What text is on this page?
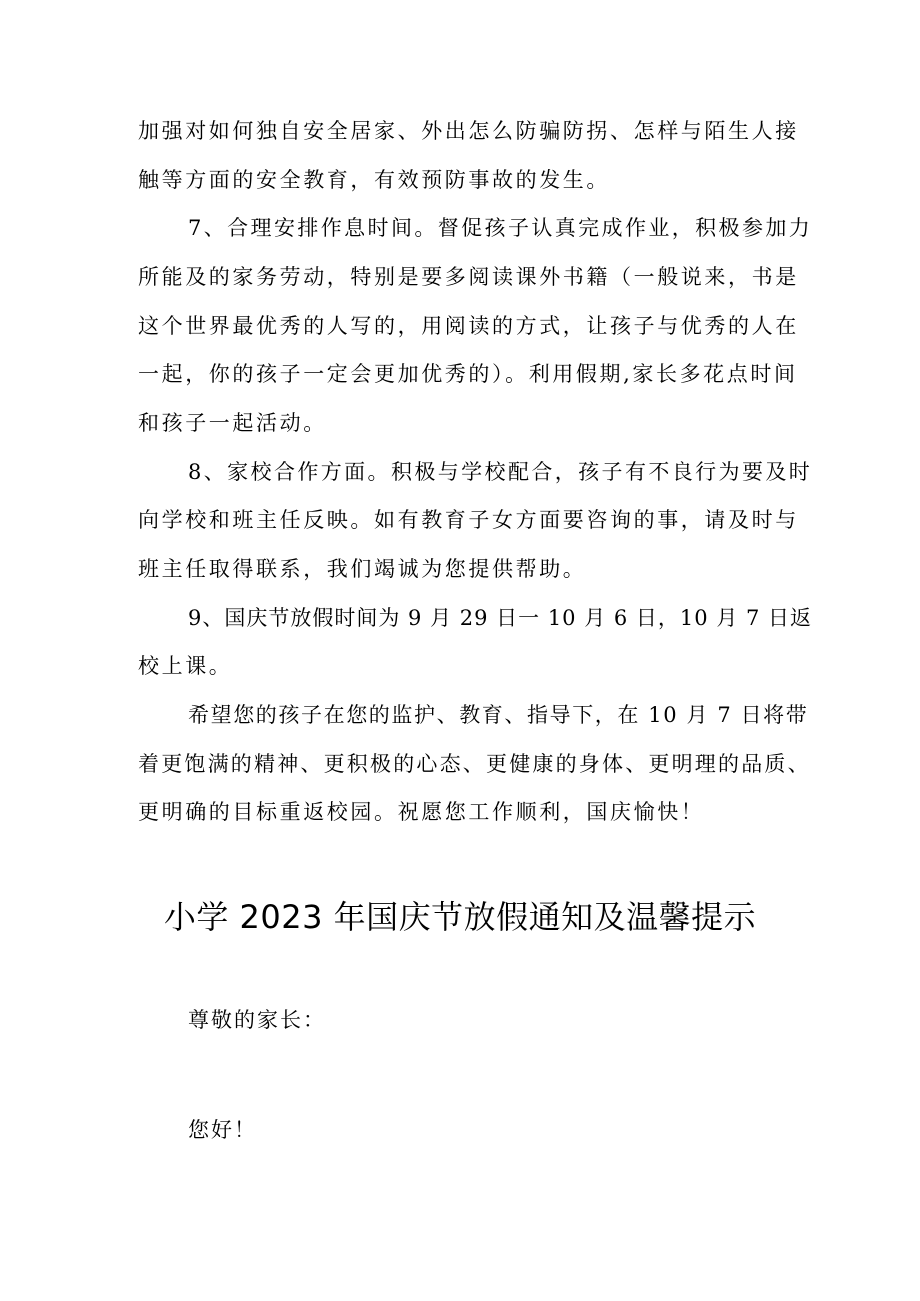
加强对如何独自安全居家、外出怎么防骗防拐、怎样与陌生人接
触等方面的安全教育，有效预防事故的发生。
7、合理安排作息时间。督促孩子认真完成作业，积极参加力
所能及的家务劳动，特别是要多阅读课外书籍（一般说来，书是
这个世界最优秀的人写的，用阅读的方式，让孩子与优秀的人在
一起，你的孩子一定会更加优秀的）。利用假期,家长多花点时间
和孩子一起活动。
8、家校合作方面。积极与学校配合，孩子有不良行为要及时
向学校和班主任反映。如有教育子女方面要咨询的事，请及时与
班主任取得联系，我们竭诚为您提供帮助。
9、国庆节放假时间为 9 月 29 日一 10 月 6 日，10 月 7 日返
校上课。
希望您的孩子在您的监护、教育、指导下，在 10 月 7 日将带
着更饱满的精神、更积极的心态、更健康的身体、更明理的品质、
更明确的目标重返校园。祝愿您工作顺利，国庆愉快！
小学 2023 年国庆节放假通知及温馨提示
尊敬的家长：
您好！
